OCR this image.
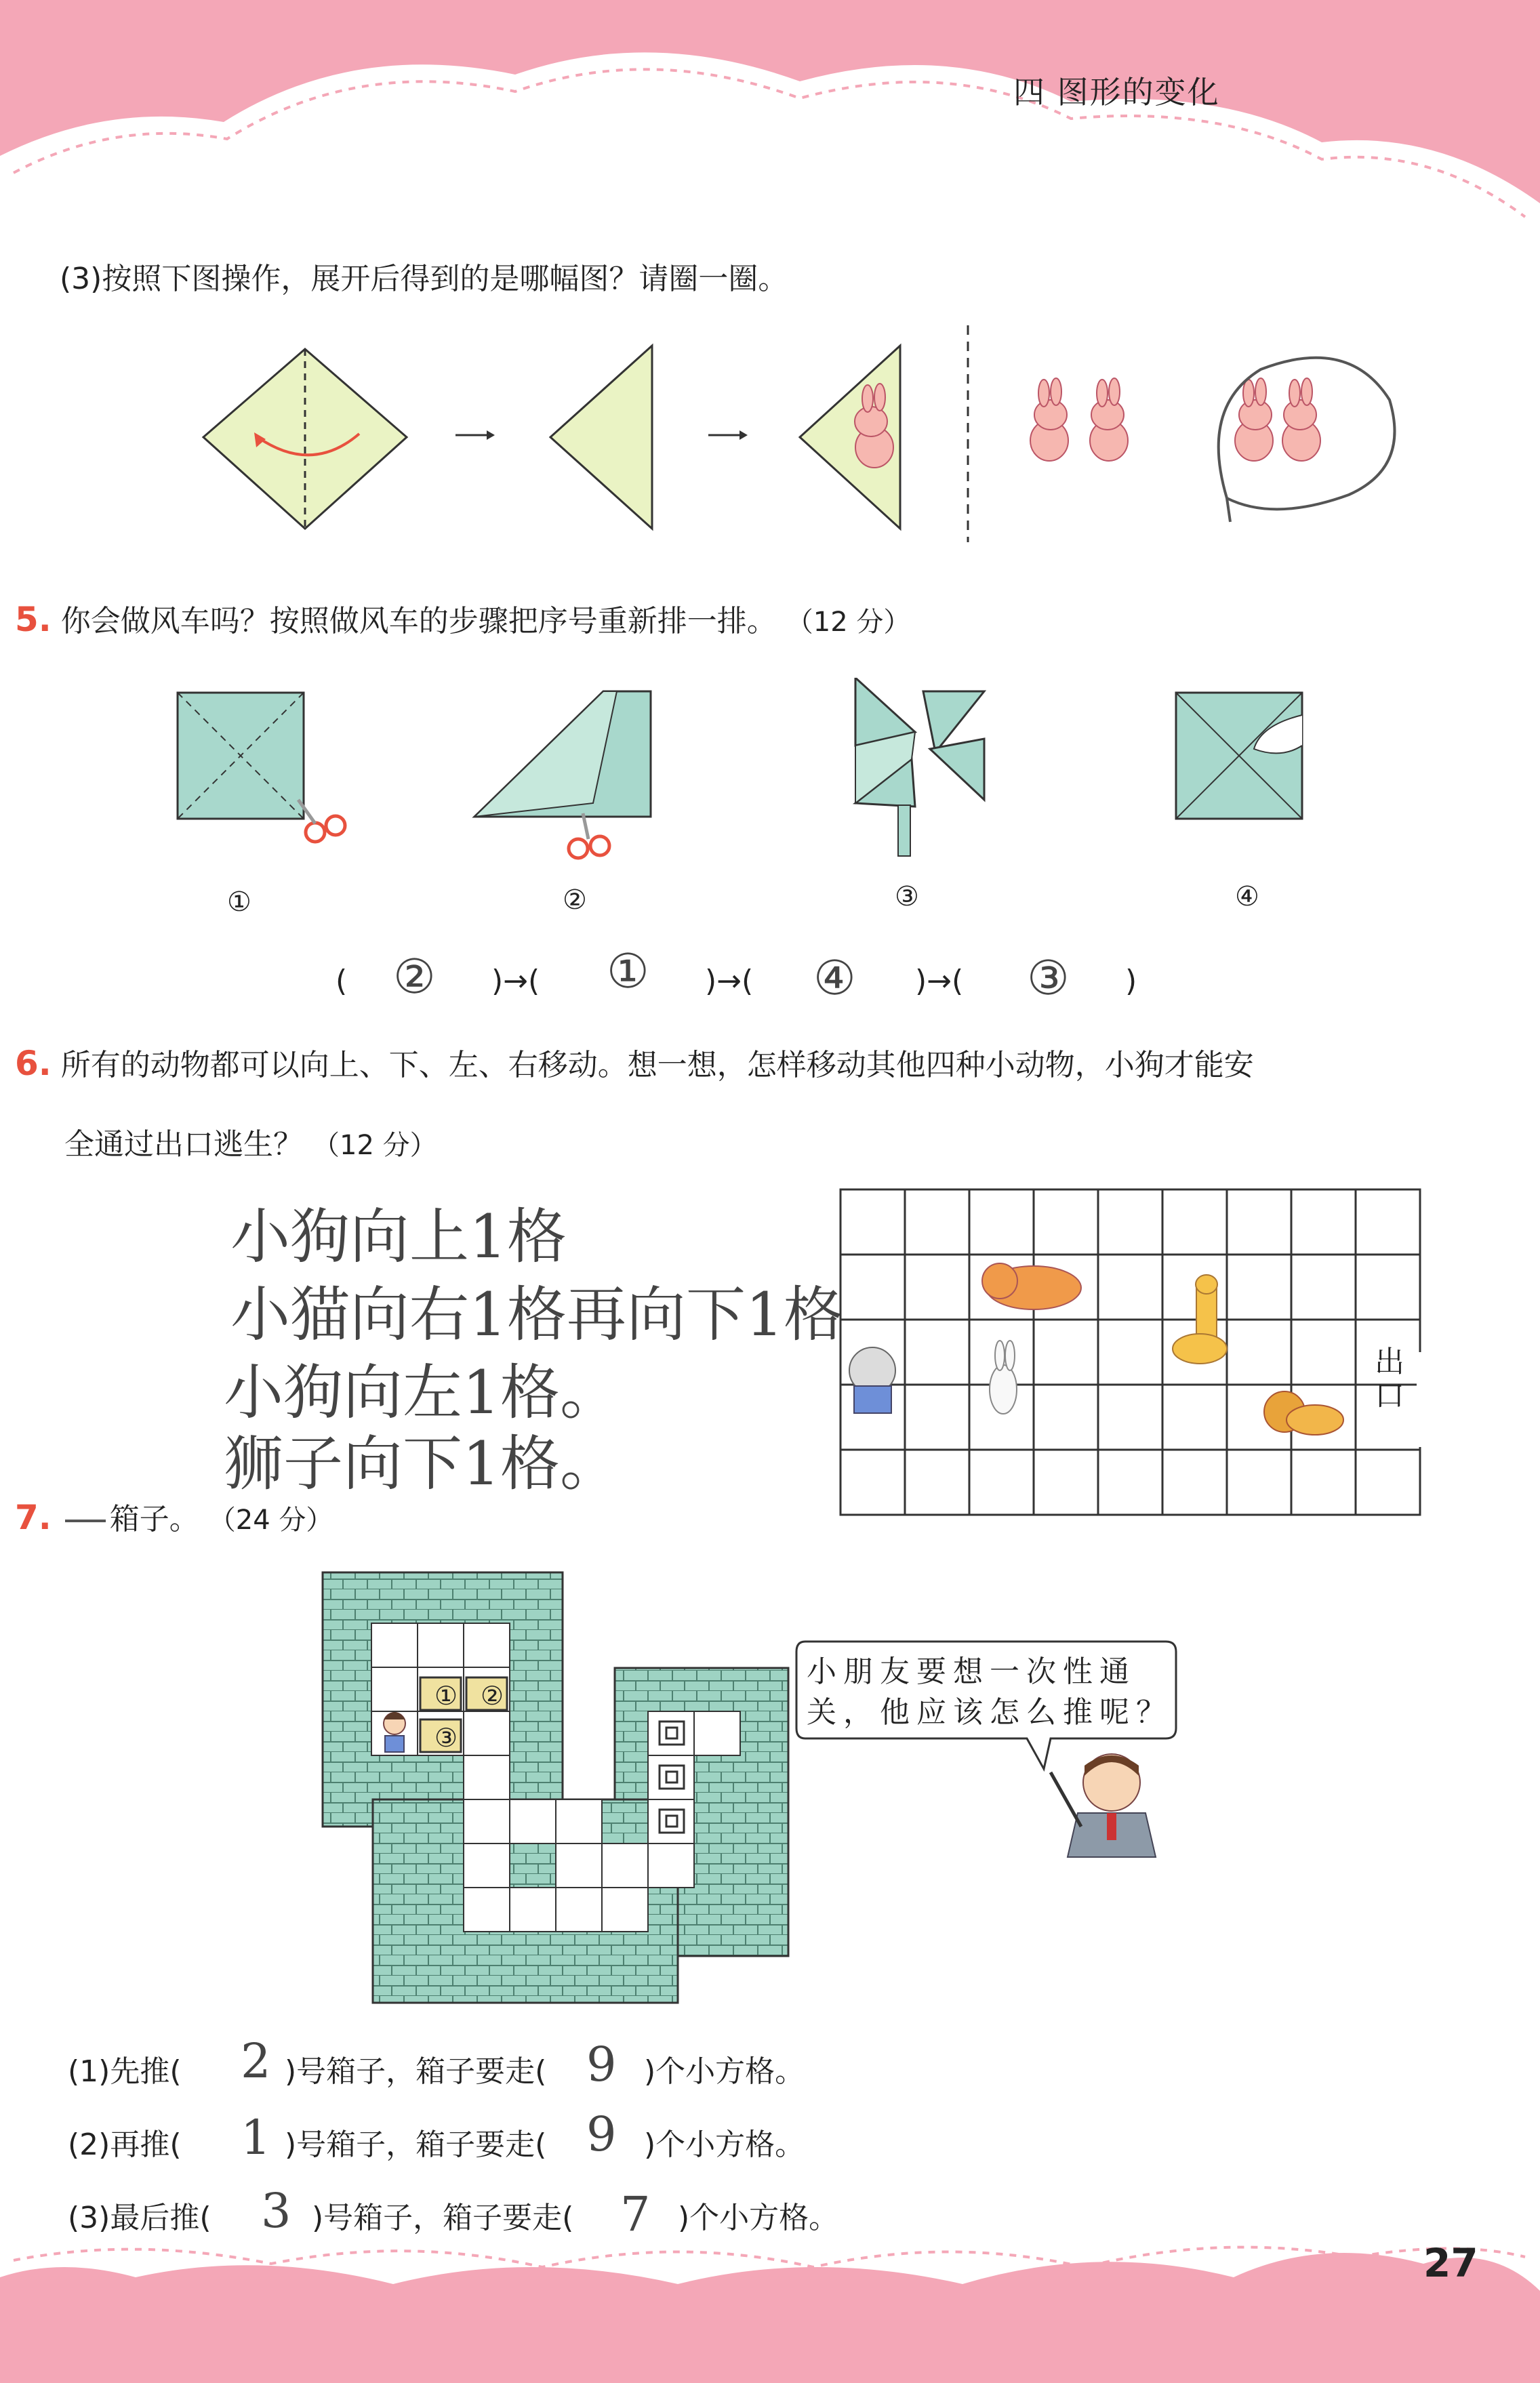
四 图形的变化
27
(3)按照下图操作，展开后得到的是哪幅图？请圈一圈。
5. 你会做风车吗？按照做风车的步骤把序号重新排一排。 （12 分）
①	②	③	④
( ② )→( ① )→( ④ )→( ③ )
6. 所有的动物都可以向上、下、左、右移动。想一想，怎样移动其他四种小动物，小狗才能安
全通过出口逃生？ （12 分）
小狗向上1格
小猫向右1格再向下1格
小狗向左1格。
狮子向下1格。
出口
7. 箱子。 （24 分）
① ②
③
小朋友要想一次性通
关，他应该怎么推呢？
(1)先推( 2 )号箱子，箱子要走( 9 )个小方格。
(2)再推( 1 )号箱子，箱子要走( 9 )个小方格。
(3)最后推( 3 )号箱子，箱子要走( 7 )个小方格。
